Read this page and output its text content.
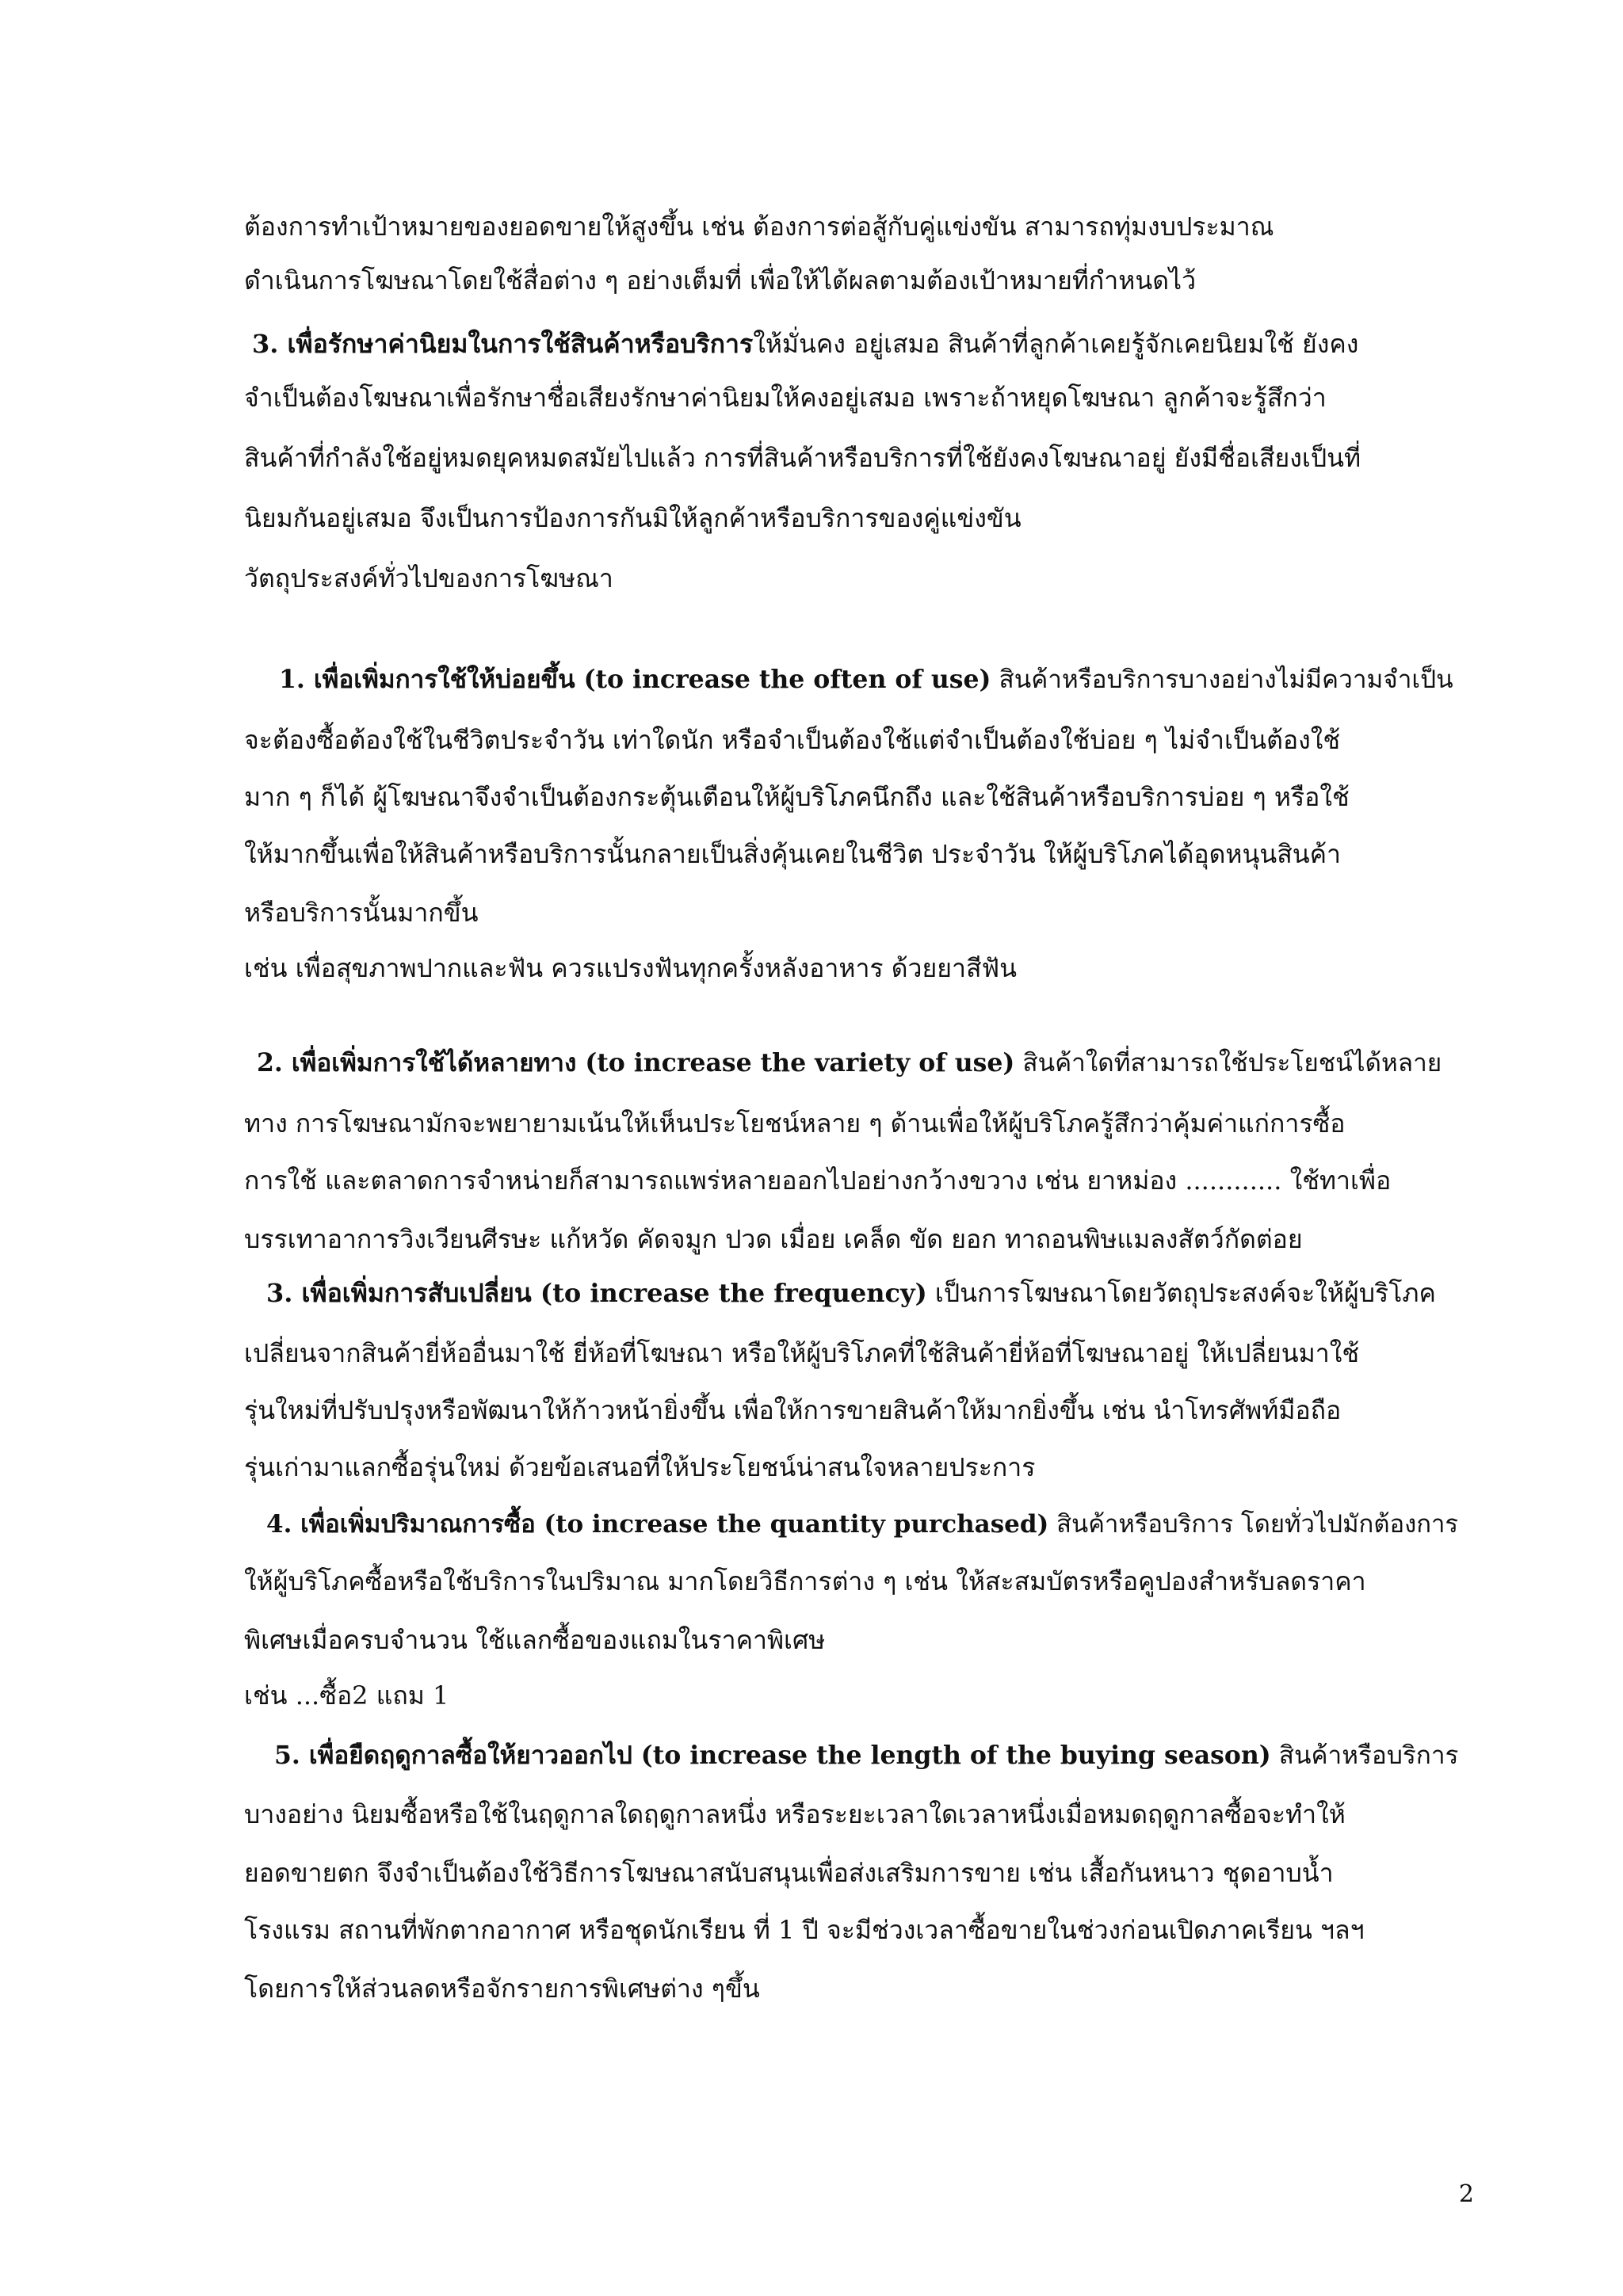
ต้องการทำเป้าหมายของยอดขายให้สูงขึ้น เช่น ต้องการต่อสู้กับคู่แข่งขัน สามารถทุ่มงบประมาณ

ดำเนินการโฆษณาโดยใช้สื่อต่าง ๆ อย่างเต็มที่ เพื่อให้ได้ผลตามต้องเป้าหมายที่กำหนดไว้

3. เพื่อรักษาค่านิยมในการใช้สินค้าหรือบริการให้มั่นคง อยู่เสมอ สินค้าที่ลูกค้าเคยรู้จักเคยนิยมใช้ ยังคง

จำเป็นต้องโฆษณาเพื่อรักษาชื่อเสียงรักษาค่านิยมให้คงอยู่เสมอ เพราะถ้าหยุดโฆษณา ลูกค้าจะรู้สึกว่า

สินค้าที่กำลังใช้อยู่หมดยุคหมดสมัยไปแล้ว การที่สินค้าหรือบริการที่ใช้ยังคงโฆษณาอยู่ ยังมีชื่อเสียงเป็นที่

นิยมกันอยู่เสมอ จึงเป็นการป้องการกันมิให้ลูกค้าหรือบริการของคู่แข่งขัน

วัตถุประสงค์ทั่วไปของการโฆษณา

1. เพื่อเพิ่มการใช้ให้บ่อยขึ้น (to increase the often of use) สินค้าหรือบริการบางอย่างไม่มีความจำเป็น

จะต้องซื้อต้องใช้ในชีวิตประจำวัน เท่าใดนัก หรือจำเป็นต้องใช้แต่จำเป็นต้องใช้บ่อย ๆ ไม่จำเป็นต้องใช้

มาก ๆ ก็ได้ ผู้โฆษณาจึงจำเป็นต้องกระตุ้นเตือนให้ผู้บริโภคนึกถึง และใช้สินค้าหรือบริการบ่อย ๆ หรือใช้

ให้มากขึ้นเพื่อให้สินค้าหรือบริการนั้นกลายเป็นสิ่งคุ้นเคยในชีวิต ประจำวัน ให้ผู้บริโภคได้อุดหนุนสินค้า

หรือบริการนั้นมากขึ้น

เช่น เพื่อสุขภาพปากและฟัน ควรแปรงฟันทุกครั้งหลังอาหาร ด้วยยาสีฟัน

2. เพื่อเพิ่มการใช้ได้หลายทาง (to increase the variety of use) สินค้าใดที่สามารถใช้ประโยชน์ได้หลาย

ทาง การโฆษณามักจะพยายามเน้นให้เห็นประโยชน์หลาย ๆ ด้านเพื่อให้ผู้บริโภครู้สึกว่าคุ้มค่าแก่การซื้อ

การใช้ และตลาดการจำหน่ายก็สามารถแพร่หลายออกไปอย่างกว้างขวาง เช่น ยาหม่อง ............ ใช้ทาเพื่อ

บรรเทาอาการวิงเวียนศีรษะ แก้หวัด คัดจมูก ปวด เมื่อย เคล็ด ขัด ยอก ทาถอนพิษแมลงสัตว์กัดต่อย

3. เพื่อเพิ่มการสับเปลี่ยน (to increase the frequency) เป็นการโฆษณาโดยวัตถุประสงค์จะให้ผู้บริโภค

เปลี่ยนจากสินค้ายี่ห้ออื่นมาใช้ ยี่ห้อที่โฆษณา หรือให้ผู้บริโภคที่ใช้สินค้ายี่ห้อที่โฆษณาอยู่ ให้เปลี่ยนมาใช้

รุ่นใหม่ที่ปรับปรุงหรือพัฒนาให้ก้าวหน้ายิ่งขึ้น เพื่อให้การขายสินค้าให้มากยิ่งขึ้น เช่น นำโทรศัพท์มือถือ

รุ่นเก่ามาแลกซื้อรุ่นใหม่ ด้วยข้อเสนอที่ให้ประโยชน์น่าสนใจหลายประการ

4. เพื่อเพิ่มปริมาณการซื้อ (to increase the quantity purchased) สินค้าหรือบริการ โดยทั่วไปมักต้องการ

ให้ผู้บริโภคซื้อหรือใช้บริการในปริมาณ มากโดยวิธีการต่าง ๆ เช่น ให้สะสมบัตรหรือคูปองสำหรับลดราคา

พิเศษเมื่อครบจำนวน ใช้แลกซื้อของแถมในราคาพิเศษ

เช่น ...ซื้อ2 แถม 1

5. เพื่อยืดฤดูกาลซื้อให้ยาวออกไป (to increase the length of the buying season) สินค้าหรือบริการ

บางอย่าง นิยมซื้อหรือใช้ในฤดูกาลใดฤดูกาลหนึ่ง หรือระยะเวลาใดเวลาหนึ่งเมื่อหมดฤดูกาลซื้อจะทำให้

ยอดขายตก จึงจำเป็นต้องใช้วิธีการโฆษณาสนับสนุนเพื่อส่งเสริมการขาย เช่น เสื้อกันหนาว ชุดอาบน้ำ

โรงแรม สถานที่พักตากอากาศ หรือชุดนักเรียน ที่ 1 ปี จะมีช่วงเวลาซื้อขายในช่วงก่อนเปิดภาคเรียน ฯลฯ

โดยการให้ส่วนลดหรือจักรายการพิเศษต่าง ๆขึ้น

2
